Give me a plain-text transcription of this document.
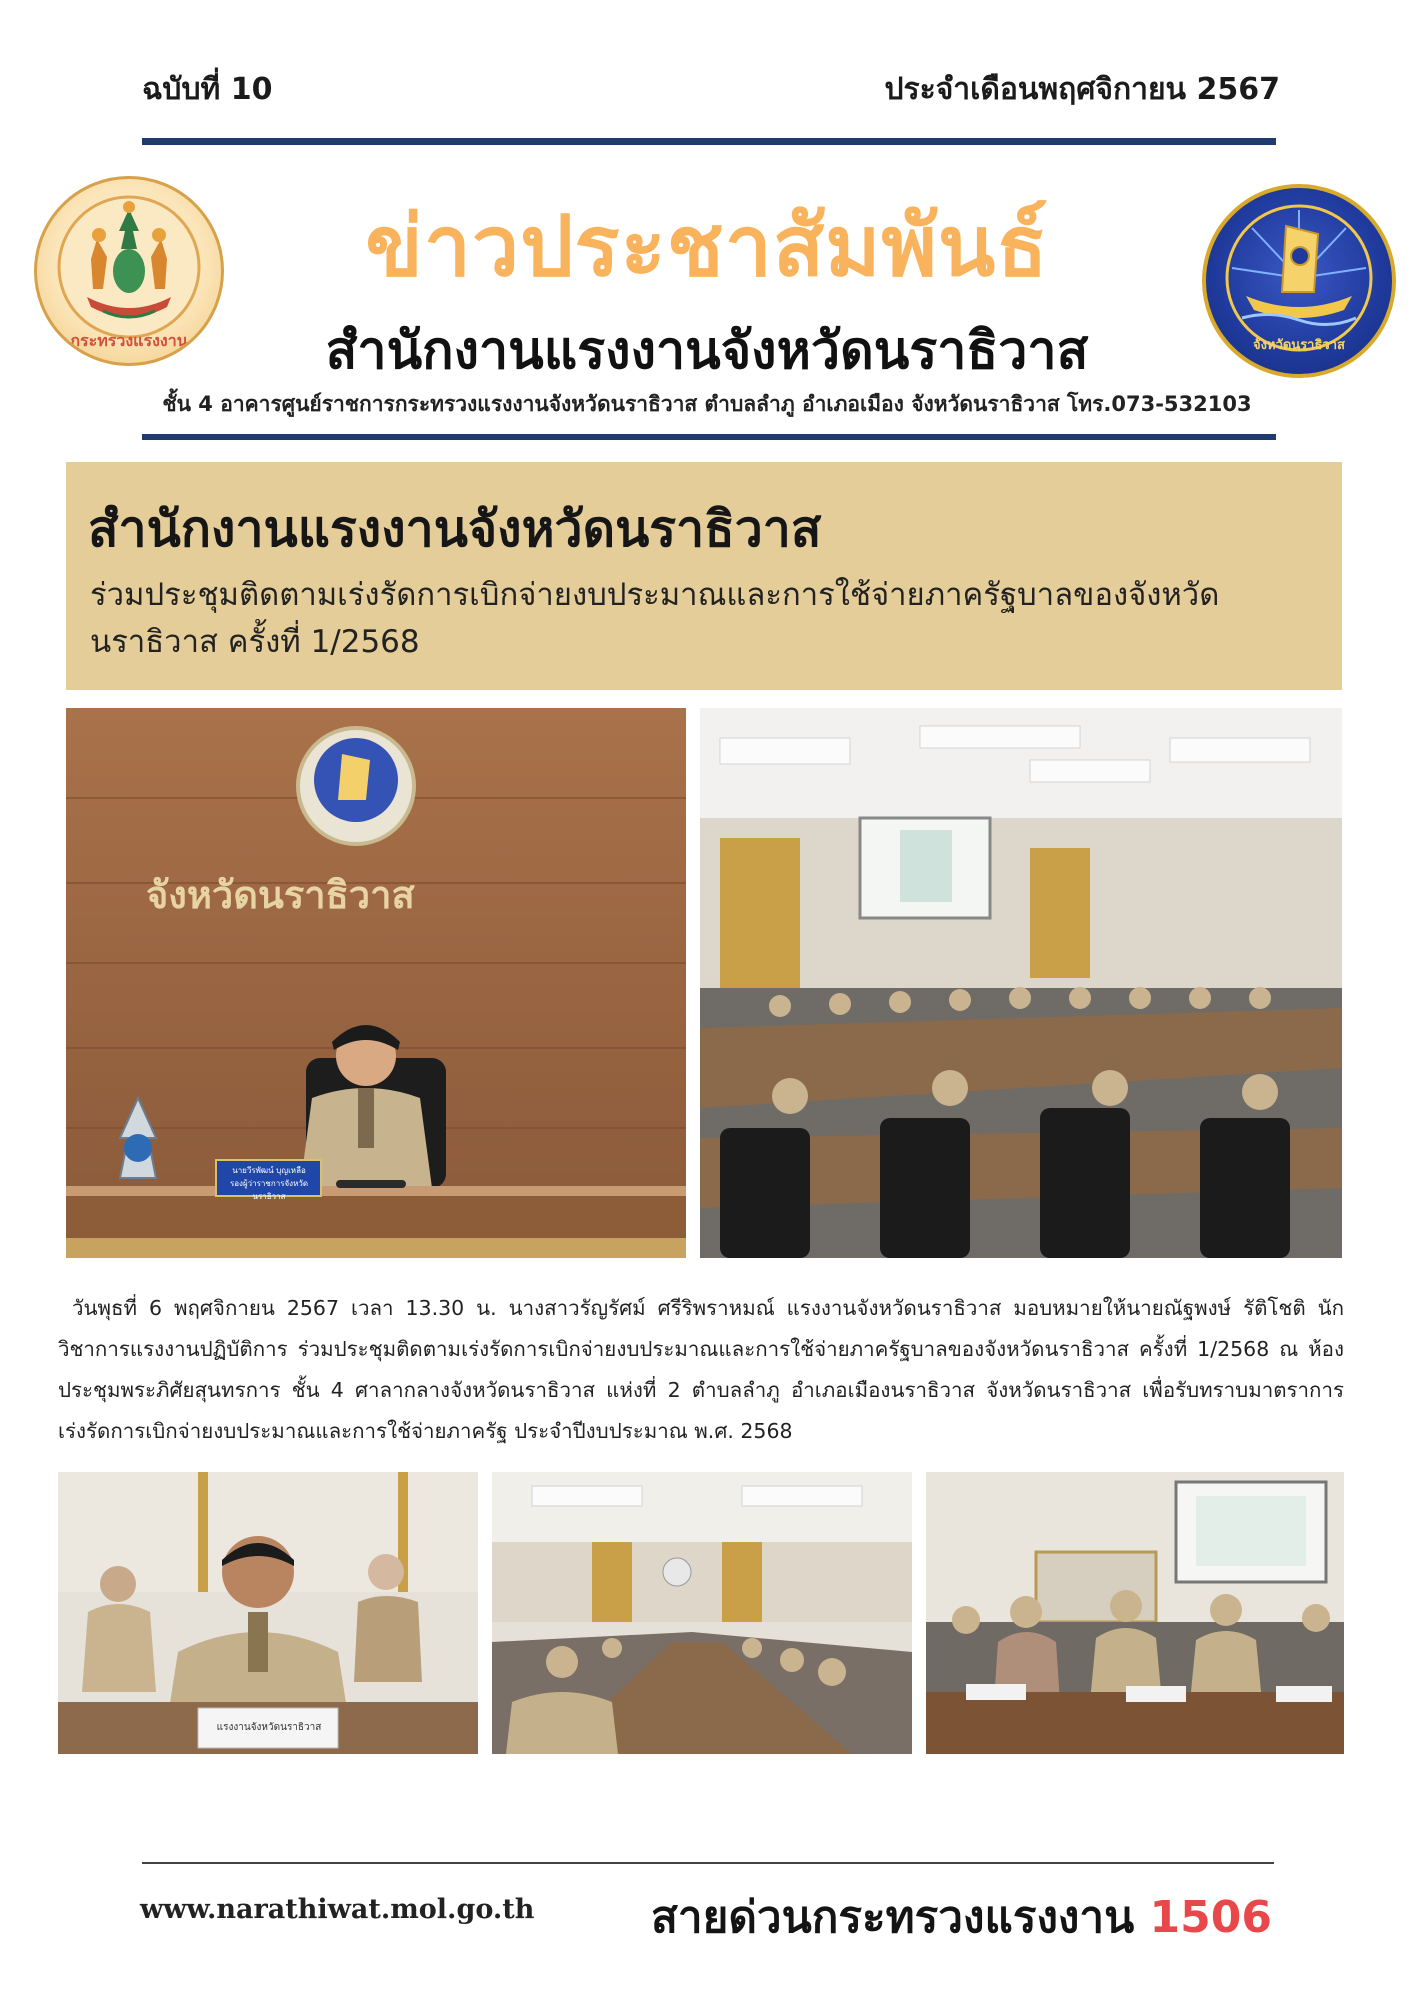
ฉบับที่ 10	ประจำเดือนพฤศจิกายน 2567
กระทรวงแรงงาน	จังหวัดนราธิวาส
ข่าวประชาสัมพันธ์
สำนักงานแรงงานจังหวัดนราธิวาส
ชั้น 4 อาคารศูนย์ราชการกระทรวงแรงงานจังหวัดนราธิวาส ตำบลลำภู อำเภอเมือง จังหวัดนราธิวาส โทร.073-532103
สำนักงานแรงงานจังหวัดนราธิวาส
ร่วมประชุมติดตามเร่งรัดการเบิกจ่ายงบประมาณและการใช้จ่ายภาครัฐบาลของจังหวัดนราธิวาส ครั้งที่ 1/2568
จังหวัดนราธิวาส
นายวีรพัฒน์ บุญเหลือ
รองผู้ว่าราชการจังหวัดนราธิวาส
วันพุธที่ 6 พฤศจิกายน 2567 เวลา 13.30 น. นางสาวรัญรัศม์ ศรีริพราหมณ์ แรงงานจังหวัดนราธิวาส มอบหมายให้นายณัฐพงษ์ รัติโชติ นักวิชาการแรงงานปฏิบัติการ ร่วมประชุมติดตามเร่งรัดการเบิกจ่ายงบประมาณและการใช้จ่ายภาครัฐบาลของจังหวัดนราธิวาส ครั้งที่ 1/2568 ณ ห้องประชุมพระภิศัยสุนทรการ ชั้น 4 ศาลากลางจังหวัดนราธิวาส แห่งที่ 2 ตำบลลำภู อำเภอเมืองนราธิวาส จังหวัดนราธิวาส เพื่อรับทราบมาตราการเร่งรัดการเบิกจ่ายงบประมาณและการใช้จ่ายภาครัฐ ประจำปีงบประมาณ พ.ศ. 2568
แรงงานจังหวัดนราธิวาส
www.narathiwat.mol.go.th	สายด่วนกระทรวงแรงงาน 1506
